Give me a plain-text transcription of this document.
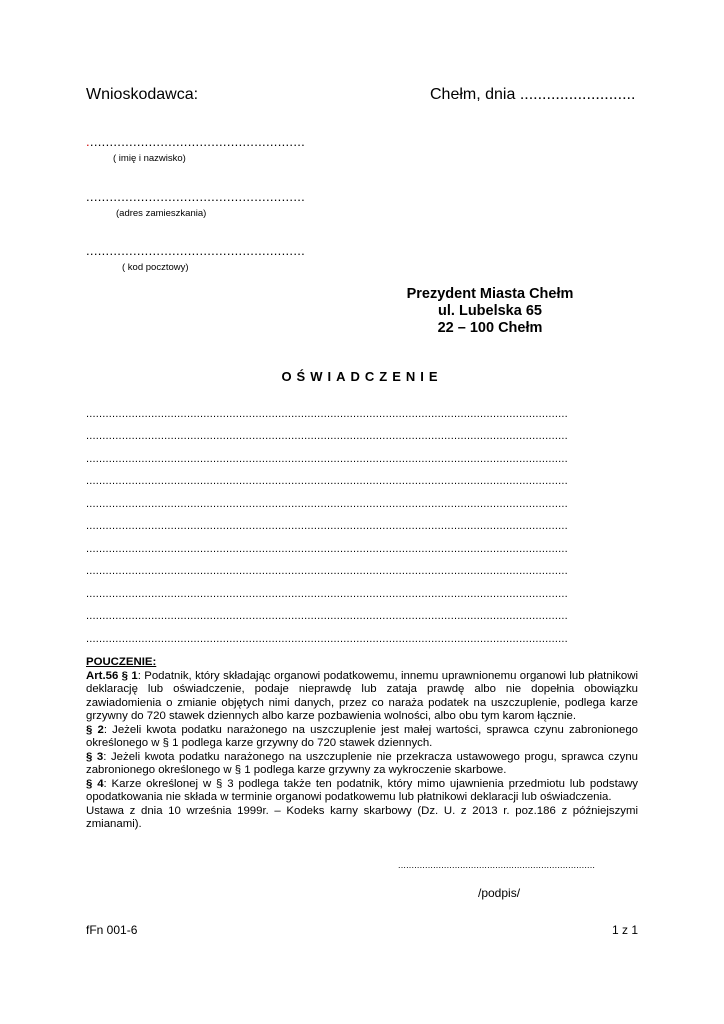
Wnioskodawca:	Chełm, dnia ..........................
........................................................
( imię i nazwisko)
........................................................
(adres zamieszkania)
........................................................
( kod pocztowy)
Prezydent Miasta Chełm
ul. Lubelska 65
22 – 100 Chełm
OŚWIADCZENIE
....................................................................................................................................................
....................................................................................................................................................
....................................................................................................................................................
....................................................................................................................................................
....................................................................................................................................................
....................................................................................................................................................
....................................................................................................................................................
....................................................................................................................................................
....................................................................................................................................................
....................................................................................................................................................
....................................................................................................................................................

POUCZENIE:

Art.56 § 1: Podatnik, który składając organowi podatkowemu, innemu uprawnionemu organowi lub płatnikowi deklarację lub oświadczenie, podaje nieprawdę lub zataja prawdę albo nie dopełnia obowiązku zawiadomienia o zmianie objętych nimi danych, przez co naraża podatek na uszczuplenie, podlega karze grzywny do 720 stawek dziennych albo karze pozbawienia wolności, albo obu tym karom łącznie.

§ 2: Jeżeli kwota podatku narażonego na uszczuplenie jest małej wartości, sprawca czynu zabronionego określonego w § 1 podlega karze grzywny do 720 stawek dziennych.

§ 3: Jeżeli kwota podatku narażonego na uszczuplenie nie przekracza ustawowego progu, sprawca czynu zabronionego określonego w § 1 podlega karze grzywny za wykroczenie skarbowe.

§ 4: Karze określonej w § 3 podlega także ten podatnik, który mimo ujawnienia przedmiotu lub podstawy opodatkowania nie składa w terminie organowi podatkowemu lub płatnikowi deklaracji lub oświadczenia.

Ustawa z dnia 10 września 1999r. – Kodeks karny skarbowy (Dz. U. z 2013 r. poz.186 z późniejszymi zmianami).

.........................................................................
/podpis/
fFn 001-6	1 z 1
